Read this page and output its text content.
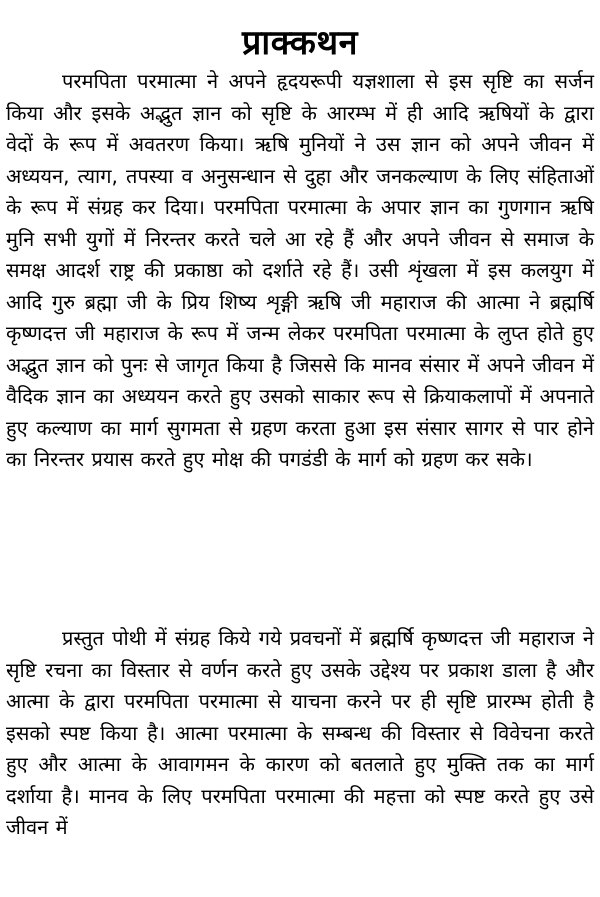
प्राक्कथन

परमपिता परमात्मा ने अपने हृदयरूपी यज्ञशाला से इस सृष्टि का सर्जन किया और इसके अद्भुत ज्ञान को सृष्टि के आरम्भ में ही आदि ऋषियों के द्वारा वेदों के रूप में अवतरण किया। ऋषि मुनियों ने उस ज्ञान को अपने जीवन में अध्ययन, त्याग, तपस्या व अनुसन्धान से दुहा और जनकल्याण के लिए संहिताओं के रूप में संग्रह कर दिया। परमपिता परमात्मा के अपार ज्ञान का गुणगान ऋषि मुनि सभी युगों में निरन्तर करते चले आ रहे हैं और अपने जीवन से समाज के समक्ष आदर्श राष्ट्र की प्रकाष्ठा को दर्शाते रहे हैं। उसी शृंखला में इस कलयुग में आदि गुरु ब्रह्मा जी के प्रिय शिष्य शृङ्गी ऋषि जी महाराज की आत्मा ने ब्रह्मर्षि कृष्णदत्त जी महाराज के रूप में जन्म लेकर परमपिता परमात्मा के लुप्त होते हुए अद्भुत ज्ञान को पुनः से जागृत किया है जिससे कि मानव संसार में अपने जीवन में वैदिक ज्ञान का अध्ययन करते हुए उसको साकार रूप से क्रियाकलापों में अपनाते हुए कल्याण का मार्ग सुगमता से ग्रहण करता हुआ इस संसार सागर से पार होने का निरन्तर प्रयास करते हुए मोक्ष की पगडंडी के मार्ग को ग्रहण कर सके।

प्रस्तुत पोथी में संग्रह किये गये प्रवचनों में ब्रह्मर्षि कृष्णदत्त जी महाराज ने सृष्टि रचना का विस्तार से वर्णन करते हुए उसके उद्देश्य पर प्रकाश डाला है और आत्मा के द्वारा परमपिता परमात्मा से याचना करने पर ही सृष्टि प्रारम्भ होती है इसको स्पष्ट किया है। आत्मा परमात्मा के सम्बन्ध की विस्तार से विवेचना करते हुए और आत्मा के आवागमन के कारण को बतलाते हुए मुक्ति तक का मार्ग दर्शाया है। मानव के लिए परमपिता परमात्मा की महत्ता को स्पष्ट करते हुए उसे जीवन में
